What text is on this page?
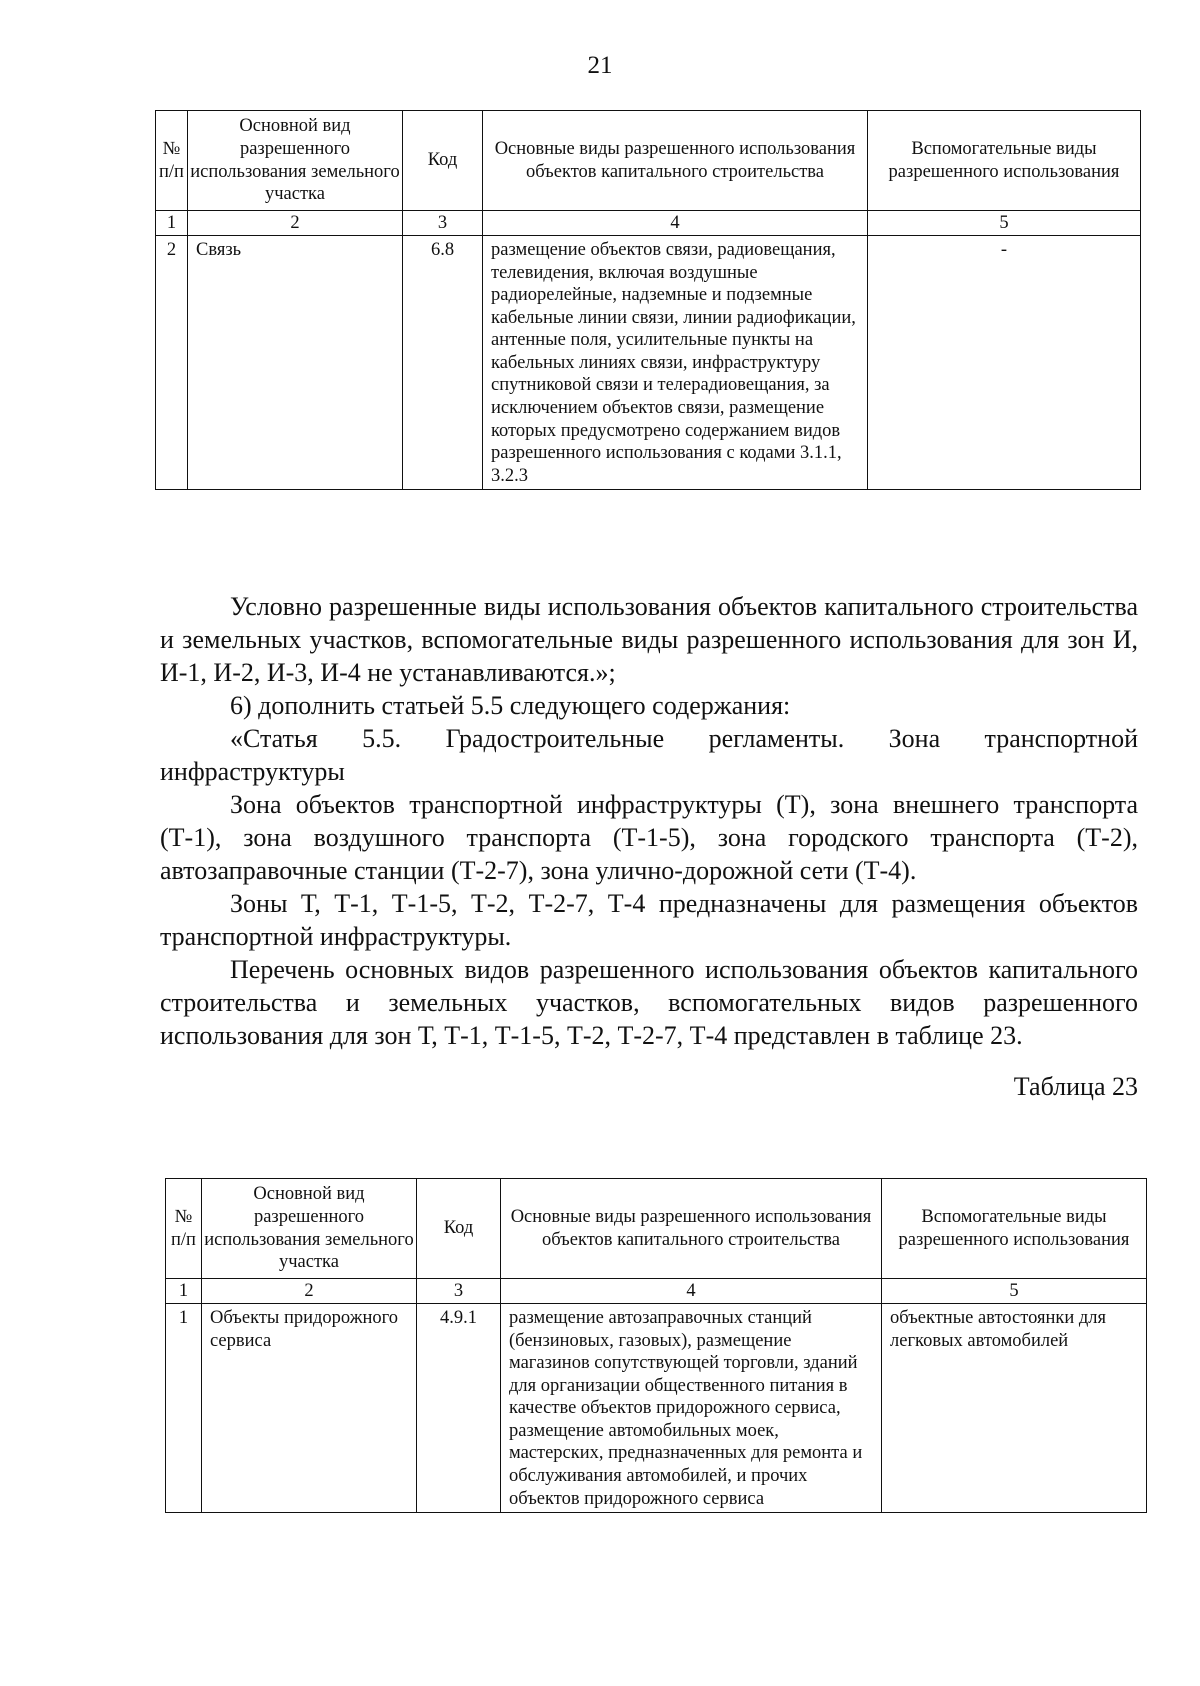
21
№ п/п	Основной вид разрешенного использования земельного участка	Код	Основные виды разрешенного использования объектов капитального строительства	Вспомогательные виды разрешенного использования
1	2	3	4	5
2	Связь	6.8	размещение объектов связи, радиовещания, телевидения, включая воздушные радиорелейные, надземные и подземные кабельные линии связи, линии радиофикации, антенные поля, усилительные пункты на кабельных линиях связи, инфраструктуру спутниковой связи и телерадиовещания, за исключением объектов связи, размещение которых предусмотрено содержанием видов разрешенного использования с кодами 3.1.1, 3.2.3	-

Условно разрешенные виды использования объектов капитального строительства и земельных участков, вспомогательные виды разрешенного использования для зон И, И-1, И-2, И-3, И-4 не устанавливаются.»;

6) дополнить статьей 5.5 следующего содержания:

«Статья 5.5. Градостроительные регламенты. Зона транспортной инфраструктуры

Зона объектов транспортной инфраструктуры (Т), зона внешнего транспорта (Т-1), зона воздушного транспорта (Т-1-5), зона городского транспорта (Т-2), автозаправочные станции (Т-2-7), зона улично-дорожной сети (Т-4).

Зоны Т, Т-1, Т-1-5, Т-2, Т-2-7, Т-4 предназначены для размещения объектов транспортной инфраструктуры.

Перечень основных видов разрешенного использования объектов капитального строительства и земельных участков, вспомогательных видов разрешенного использования для зон Т, Т-1, Т-1-5, Т-2, Т-2-7, Т-4 представлен в таблице 23.

Таблица 23

№ п/п	Основной вид разрешенного использования земельного участка	Код	Основные виды разрешенного использования объектов капитального строительства	Вспомогательные виды разрешенного использования
1	2	3	4	5
1	Объекты придорожного сервиса	4.9.1	размещение автозаправочных станций (бензиновых, газовых), размещение магазинов сопутствующей торговли, зданий для организации общественного питания в качестве объектов придорожного сервиса, размещение автомобильных моек, мастерских, предназначенных для ремонта и обслуживания автомобилей, и прочих объектов придорожного сервиса	объектные автостоянки для легковых автомобилей
